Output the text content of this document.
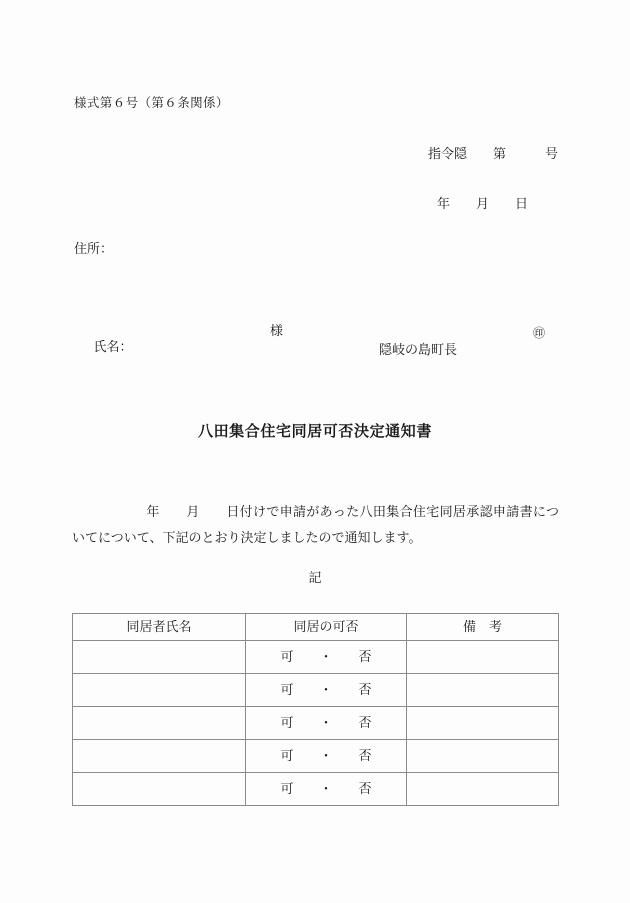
様式第６号（第６条関係）

指令隠　　第　　　号

年　　月　　日

住所：

氏名：

様

隠岐の島町長

㊞

八田集合住宅同居可否決定通知書
年　　月　　日付けで申請があった八田集合住宅同居承認申請書についてについて、下記のとおり決定しましたので通知します。
記
同居者氏名	同居の可否	備　考
	可　　・　　否	
	可　　・　　否	
	可　　・　　否	
	可　　・　　否	
	可　　・　　否	
